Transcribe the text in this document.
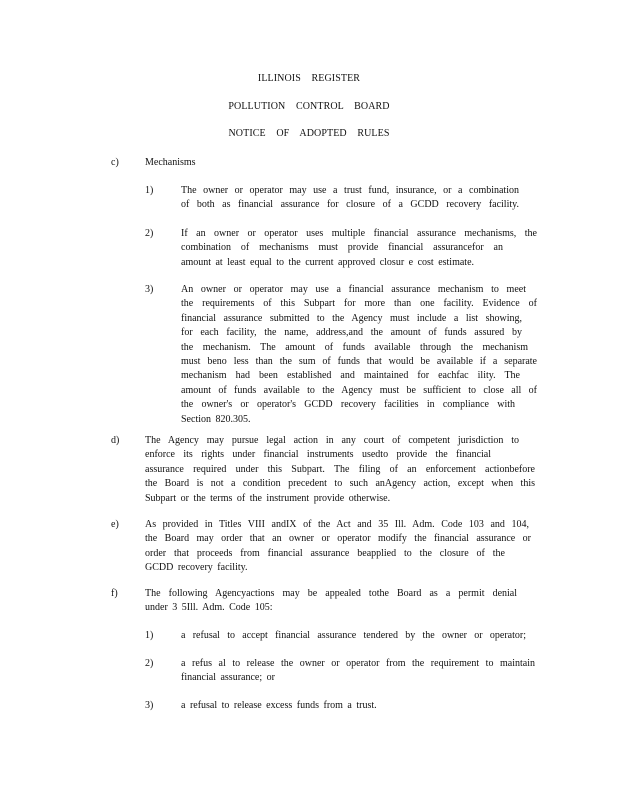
ILLINOIS REGISTER
POLLUTION CONTROL BOARD
NOTICE OF ADOPTED RULES
c)	Mechanisms
1)	The owner or operator may use a trust fund, insurance, or a combination
of both as financial assurance for closure of a GCDD recovery facility.
2)	If an owner or operator uses multiple financial assurance mechanisms, the
combination of mechanisms must provide financial assurancefor an
amount at least equal to the current approved closur e cost estimate.
3)	An owner or operator may use a financial assurance mechanism to meet
the requirements of this Subpart for more than one facility. Evidence of
financial assurance submitted to the Agency must include a list showing,
for each facility, the name, address,and the amount of funds assured by
the mechanism. The amount of funds available through the mechanism
must beno less than the sum of funds that would be available if a separate
mechanism had been established and maintained for eachfac ility. The
amount of funds available to the Agency must be sufficient to close all of
the owner's or operator's GCDD recovery facilities in compliance with
Section 820.305.
d)	The Agency may pursue legal action in any court of competent jurisdiction to
enforce its rights under financial instruments usedto provide the financial
assurance required under this Subpart. The filing of an enforcement actionbefore
the Board is not a condition precedent to such anAgency action, except when this
Subpart or the terms of the instrument provide otherwise.
e)	As provided in Titles VIII andIX of the Act and 35 Ill. Adm. Code 103 and 104,
the Board may order that an owner or operator modify the financial assurance or
order that proceeds from financial assurance beapplied to the closure of the
GCDD recovery facility.
f)	The following Agencyactions may be appealed tothe Board as a permit denial
under 3 5Ill. Adm. Code 105:
1)	a refusal to accept financial assurance tendered by the owner or operator;
2)	a refus al to release the owner or operator from the requirement to maintain
financial assurance; or
3)	a refusal to release excess funds from a trust.
